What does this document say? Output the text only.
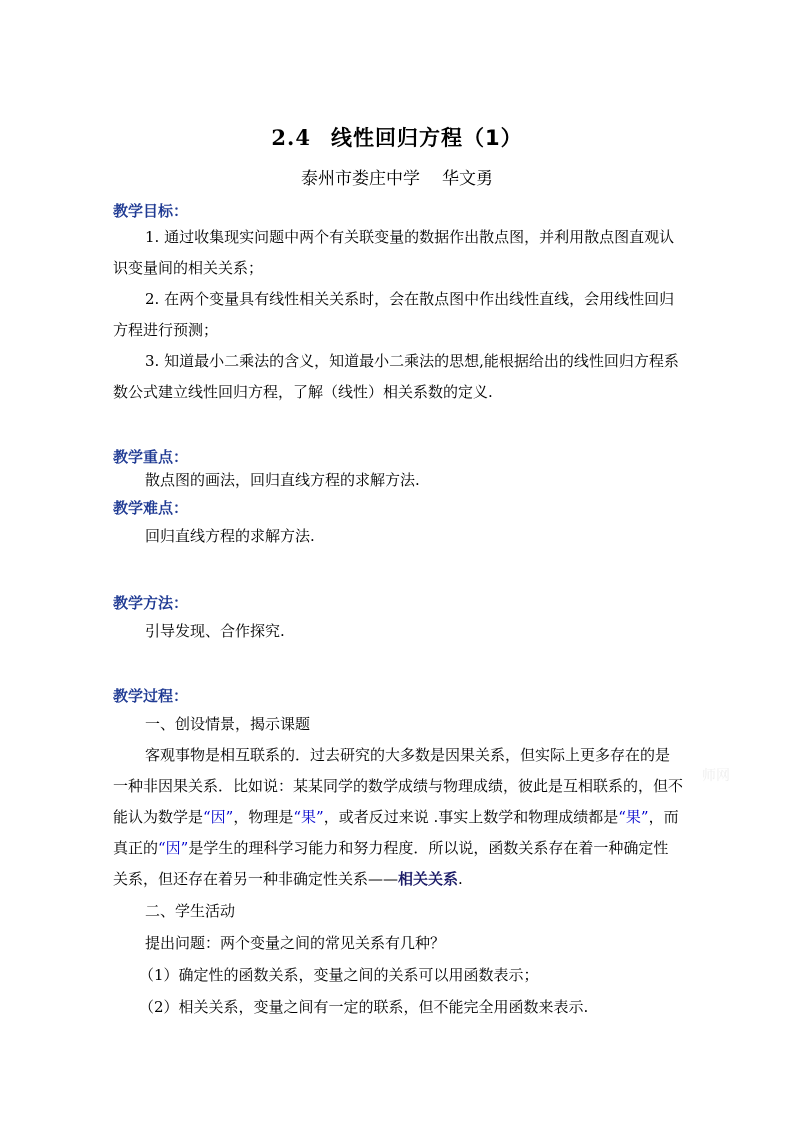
2.4 线性回归方程（1）
泰州市娄庄中学 华文勇
教学目标：
1. 通过收集现实问题中两个有关联变量的数据作出散点图，并利用散点图直观认识变量间的相关关系；
2. 在两个变量具有线性相关关系时，会在散点图中作出线性直线，会用线性回归方程进行预测；
3. 知道最小二乘法的含义，知道最小二乘法的思想,能根据给出的线性回归方程系数公式建立线性回归方程，了解（线性）相关系数的定义.
教学重点：
散点图的画法，回归直线方程的求解方法.
教学难点：
回归直线方程的求解方法.
教学方法：
引导发现、合作探究.
教学过程：
一、创设情景，揭示课题
客观事物是相互联系的．过去研究的大多数是因果关系，但实际上更多存在的是一种非因果关系．比如说：某某同学的数学成绩与物理成绩，彼此是互相联系的，但不能认为数学是“因”，物理是“果”，或者反过来说 .事实上数学和物理成绩都是“果”，而真正的“因”是学生的理科学习能力和努力程度．所以说，函数关系存在着一种确定性关系，但还存在着另一种非确定性关系——相关关系.
二、学生活动
提出问题：两个变量之间的常见关系有几种？
（1）确定性的函数关系，变量之间的关系可以用函数表示；
（2）相关关系，变量之间有一定的联系，但不能完全用函数来表示.
师网
